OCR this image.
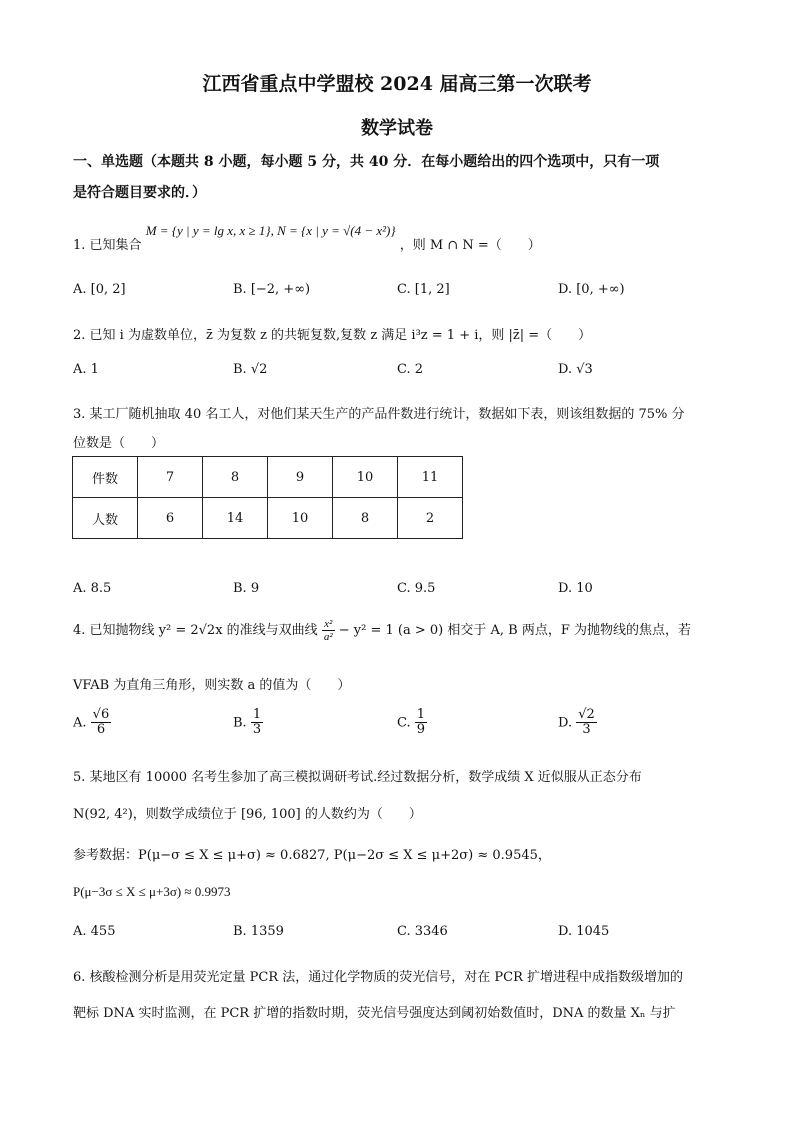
江西省重点中学盟校 2024 届高三第一次联考
数学试卷
一、单选题（本题共 8 小题，每小题 5 分，共 40 分．在每小题给出的四个选项中，只有一项
是符合题目要求的．）
1. 已知集合 M = {y | y = lg x, x ≥ 1}, N = {x | y = √(4 − x²)} ，则 M ∩ N =（　　）
A. [0, 2]	B. [−2, +∞)	C. [1, 2]	D. [0, +∞)
2. 已知 i 为虚数单位，z̄ 为复数 z 的共轭复数,复数 z 满足 i³z = 1 + i，则 |z̄| =（　　）
A. 1	B. √2	C. 2	D. √3
3. 某工厂随机抽取 40 名工人，对他们某天生产的产品件数进行统计，数据如下表，则该组数据的 75% 分
位数是（　　）
件数	7	8	9	10	11
人数	6	14	10	8	2
A. 8.5	B. 9	C. 9.5	D. 10
4. 已知抛物线 y² = 2√2x 的准线与双曲线 $\frac{\text{x²}}{\text{a²}} - y^2 = 1$ (a > 0) 相交于 A, B 两点，F 为抛物线的焦点，若
VFAB 为直角三角形，则实数 a 的值为（　　）
A. $\frac{√6}{6}$	B. $\frac{1}{3}$	C. $\frac{1}{9}$	D. $\frac{√2}{3}$
5. 某地区有 10000 名考生参加了高三模拟调研考试.经过数据分析，数学成绩 X 近似服从正态分布
N(92, 4²)，则数学成绩位于 [96, 100] 的人数约为（　　）
参考数据：P(μ−σ ≤ X ≤ μ+σ) ≈ 0.6827, P(μ−2σ ≤ X ≤ μ+2σ) ≈ 0.9545，
P(μ−3σ ≤ X ≤ μ+3σ) ≈ 0.9973
A. 455	B. 1359	C. 3346	D. 1045
6. 核酸检测分析是用荧光定量 PCR 法，通过化学物质的荧光信号，对在 PCR 扩增进程中成指数级增加的
靶标 DNA 实时监测，在 PCR 扩增的指数时期，荧光信号强度达到阈初始数值时，DNA 的数量 Xₙ 与扩
